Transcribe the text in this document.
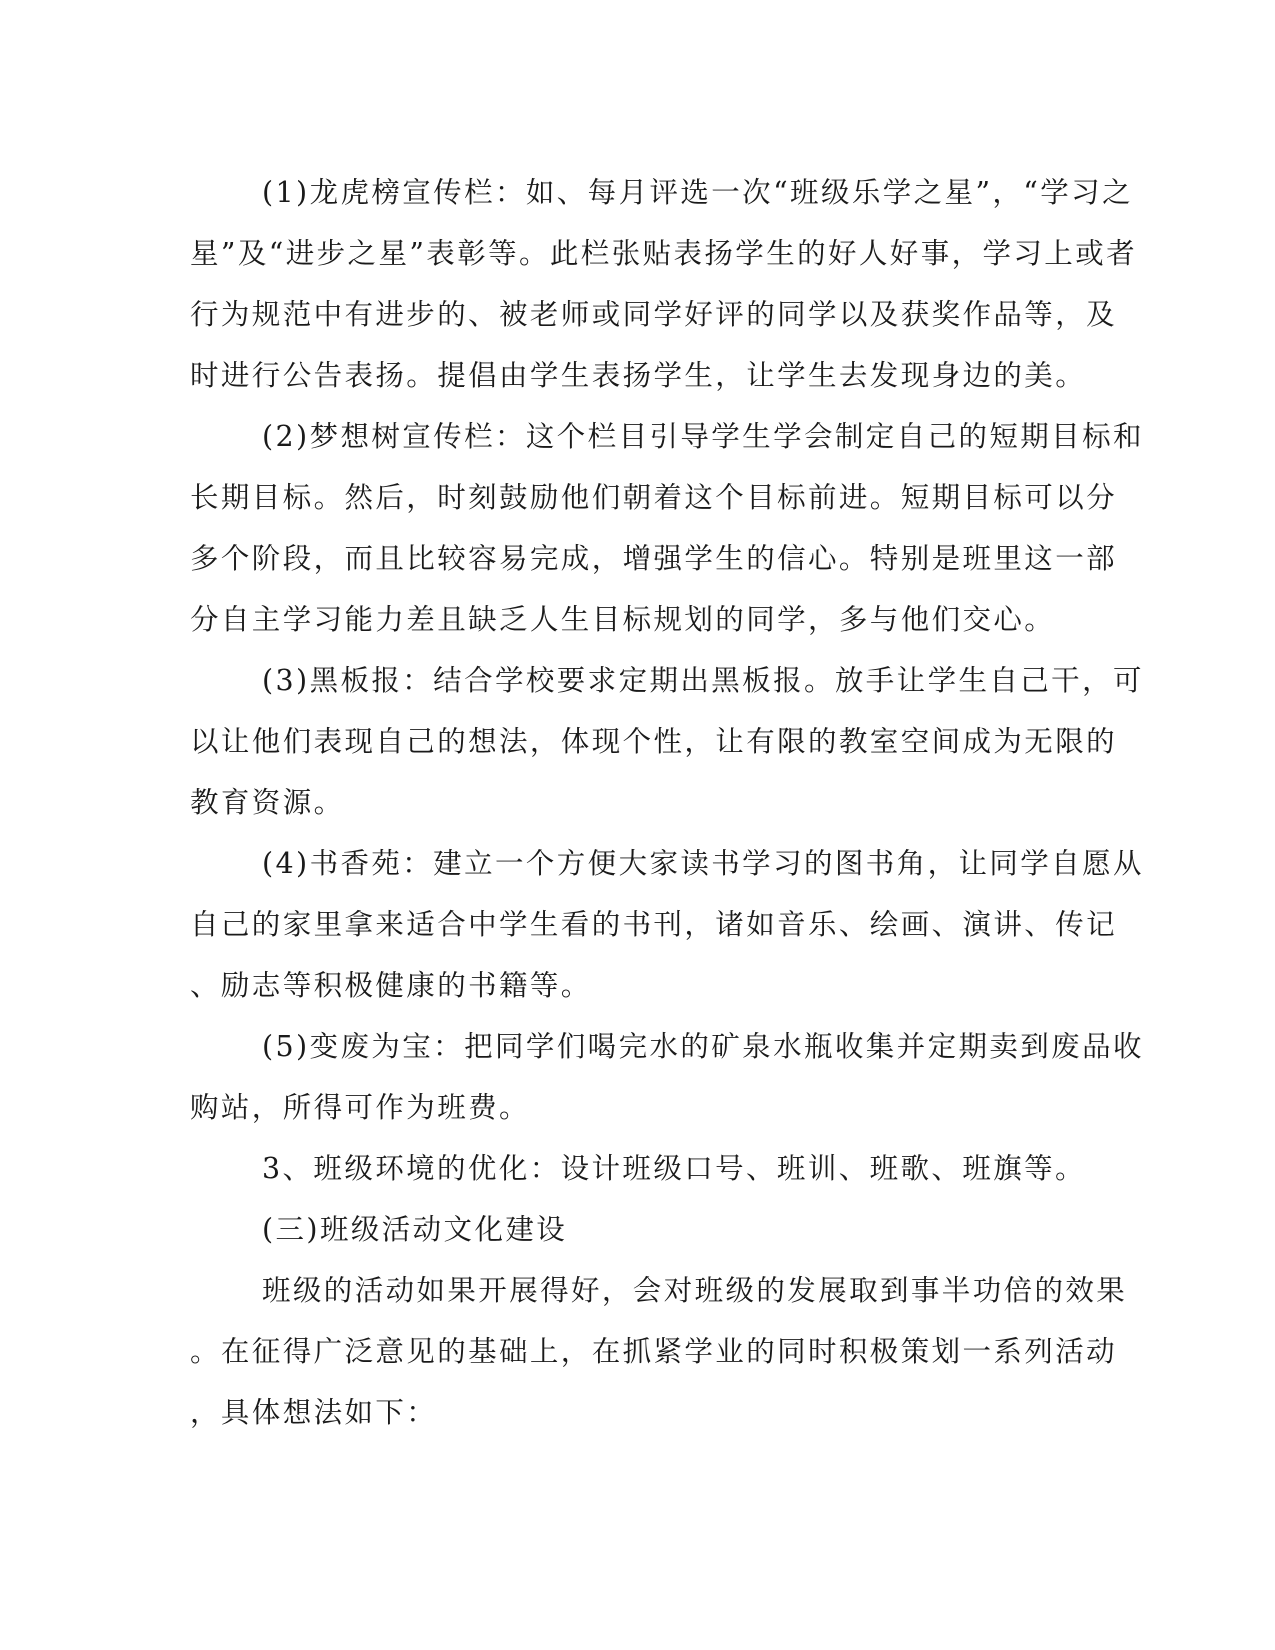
(1)龙虎榜宣传栏：如、每月评选一次“班级乐学之星”，“学习之
星”及“进步之星”表彰等。此栏张贴表扬学生的好人好事，学习上或者
行为规范中有进步的、被老师或同学好评的同学以及获奖作品等，及
时进行公告表扬。提倡由学生表扬学生，让学生去发现身边的美。
(2)梦想树宣传栏：这个栏目引导学生学会制定自己的短期目标和
长期目标。然后，时刻鼓励他们朝着这个目标前进。短期目标可以分
多个阶段，而且比较容易完成，增强学生的信心。特别是班里这一部
分自主学习能力差且缺乏人生目标规划的同学，多与他们交心。
(3)黑板报：结合学校要求定期出黑板报。放手让学生自己干，可
以让他们表现自己的想法，体现个性，让有限的教室空间成为无限的
教育资源。
(4)书香苑：建立一个方便大家读书学习的图书角，让同学自愿从
自己的家里拿来适合中学生看的书刊，诸如音乐、绘画、演讲、传记
、励志等积极健康的书籍等。
(5)变废为宝：把同学们喝完水的矿泉水瓶收集并定期卖到废品收
购站，所得可作为班费。
3、班级环境的优化：设计班级口号、班训、班歌、班旗等。
(三)班级活动文化建设
班级的活动如果开展得好，会对班级的发展取到事半功倍的效果
。在征得广泛意见的基础上，在抓紧学业的同时积极策划一系列活动
，具体想法如下：
